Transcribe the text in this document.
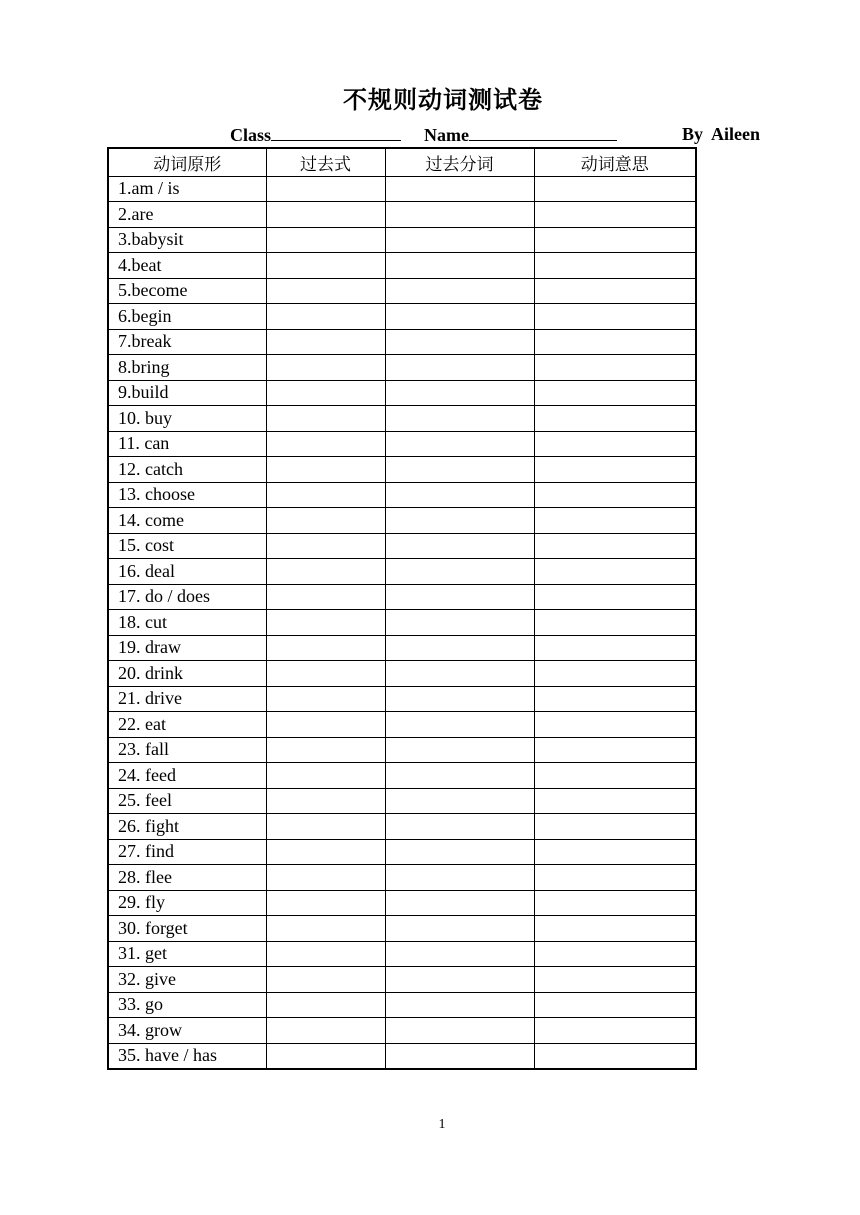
不规则动词测试卷
Class	Name	By  Aileen
动词原形	过去式	过去分词	动词意思
1.am / is			
2.are			
3.babysit			
4.beat			
5.become			
6.begin			
7.break			
8.bring			
9.build			
10. buy			
11. can			
12. catch			
13. choose			
14. come			
15. cost			
16. deal			
17. do / does			
18. cut			
19. draw			
20. drink			
21. drive			
22. eat			
23. fall			
24. feed			
25. feel			
26. fight			
27. find			
28. flee			
29. fly			
30. forget			
31. get			
32. give			
33. go			
34. grow			
35. have / has			
1
